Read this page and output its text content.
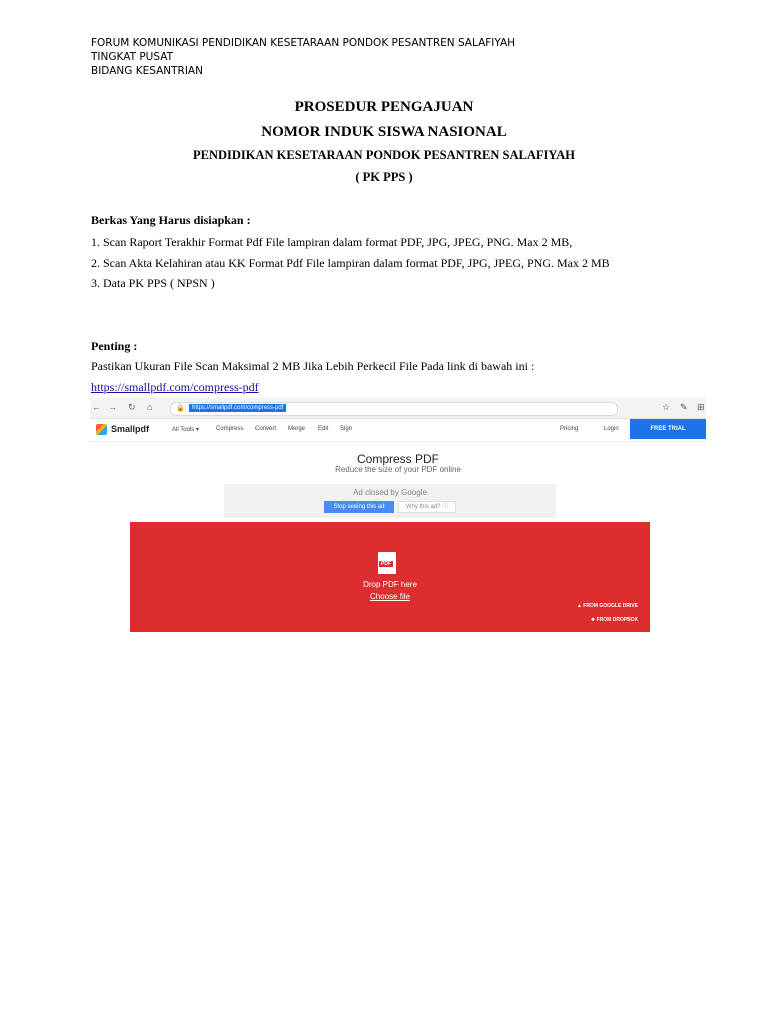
FORUM KOMUNIKASI PENDIDIKAN KESETARAAN PONDOK PESANTREN SALAFIYAH
TINGKAT PUSAT
BIDANG KESANTRIAN
PROSEDUR PENGAJUAN
NOMOR INDUK SISWA NASIONAL
PENDIDIKAN KESETARAAN PONDOK PESANTREN SALAFIYAH
( PK PPS )
Berkas Yang Harus disiapkan :
1. Scan Raport Terakhir Format Pdf File lampiran dalam format PDF, JPG, JPEG, PNG. Max 2 MB,
2. Scan Akta Kelahiran atau KK Format Pdf File lampiran dalam format PDF, JPG, JPEG, PNG. Max 2 MB
3. Data PK PPS ( NPSN )
Penting :
Pastikan Ukuran File Scan Maksimal 2 MB Jika Lebih Perkecil File Pada link di bawah ini :
https://smallpdf.com/compress-pdf
← → ↻ ⌂	🔒	https://smallpdf.com/compress-pdf	☆ ✎ ⊞
Smallpdf	All Tools ▾	Compress Convert Merge Edit Sign	Pricing	Login	FREE TRIAL
Compress PDF
Reduce the size of your PDF online
Ad closed by Google
Stop seeing this ad	Why this ad? ⓘ
PDF
Drop PDF here
Choose file
▲ FROM GOOGLE DRIVE
❖ FROM DROPBOX
